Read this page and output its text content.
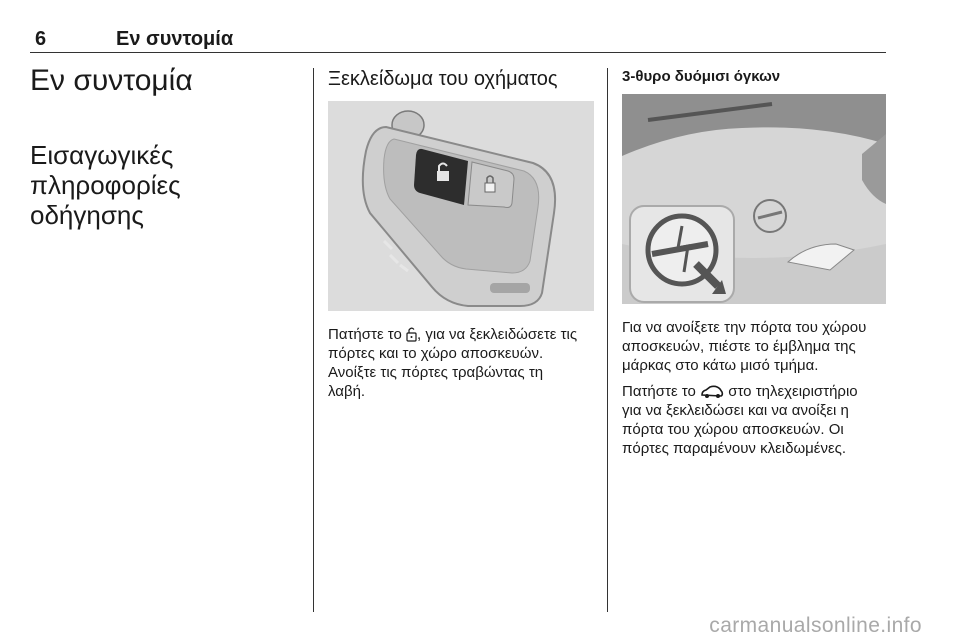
6	Εν συντομία
Εν συντομία
Εισαγωγικές
πληροφορίες οδήγησης
Ξεκλείδωμα του οχήματος

Πατήστε το , για να ξεκλειδώσετε τις
πόρτες και το χώρο αποσκευών.
Ανοίξτε τις πόρτες τραβώντας τη
λαβή.

3-θυρο δυόμισι όγκων

Για να ανοίξετε την πόρτα του χώρου
αποσκευών, πιέστε το έμβλημα της
μάρκας στο κάτω μισό τμήμα.

Πατήστε το  στο τηλεχειριστήριο
για να ξεκλειδώσει και να ανοίξει η
πόρτα του χώρου αποσκευών. Οι
πόρτες παραμένουν κλειδωμένες.

carmanualsonline.info
